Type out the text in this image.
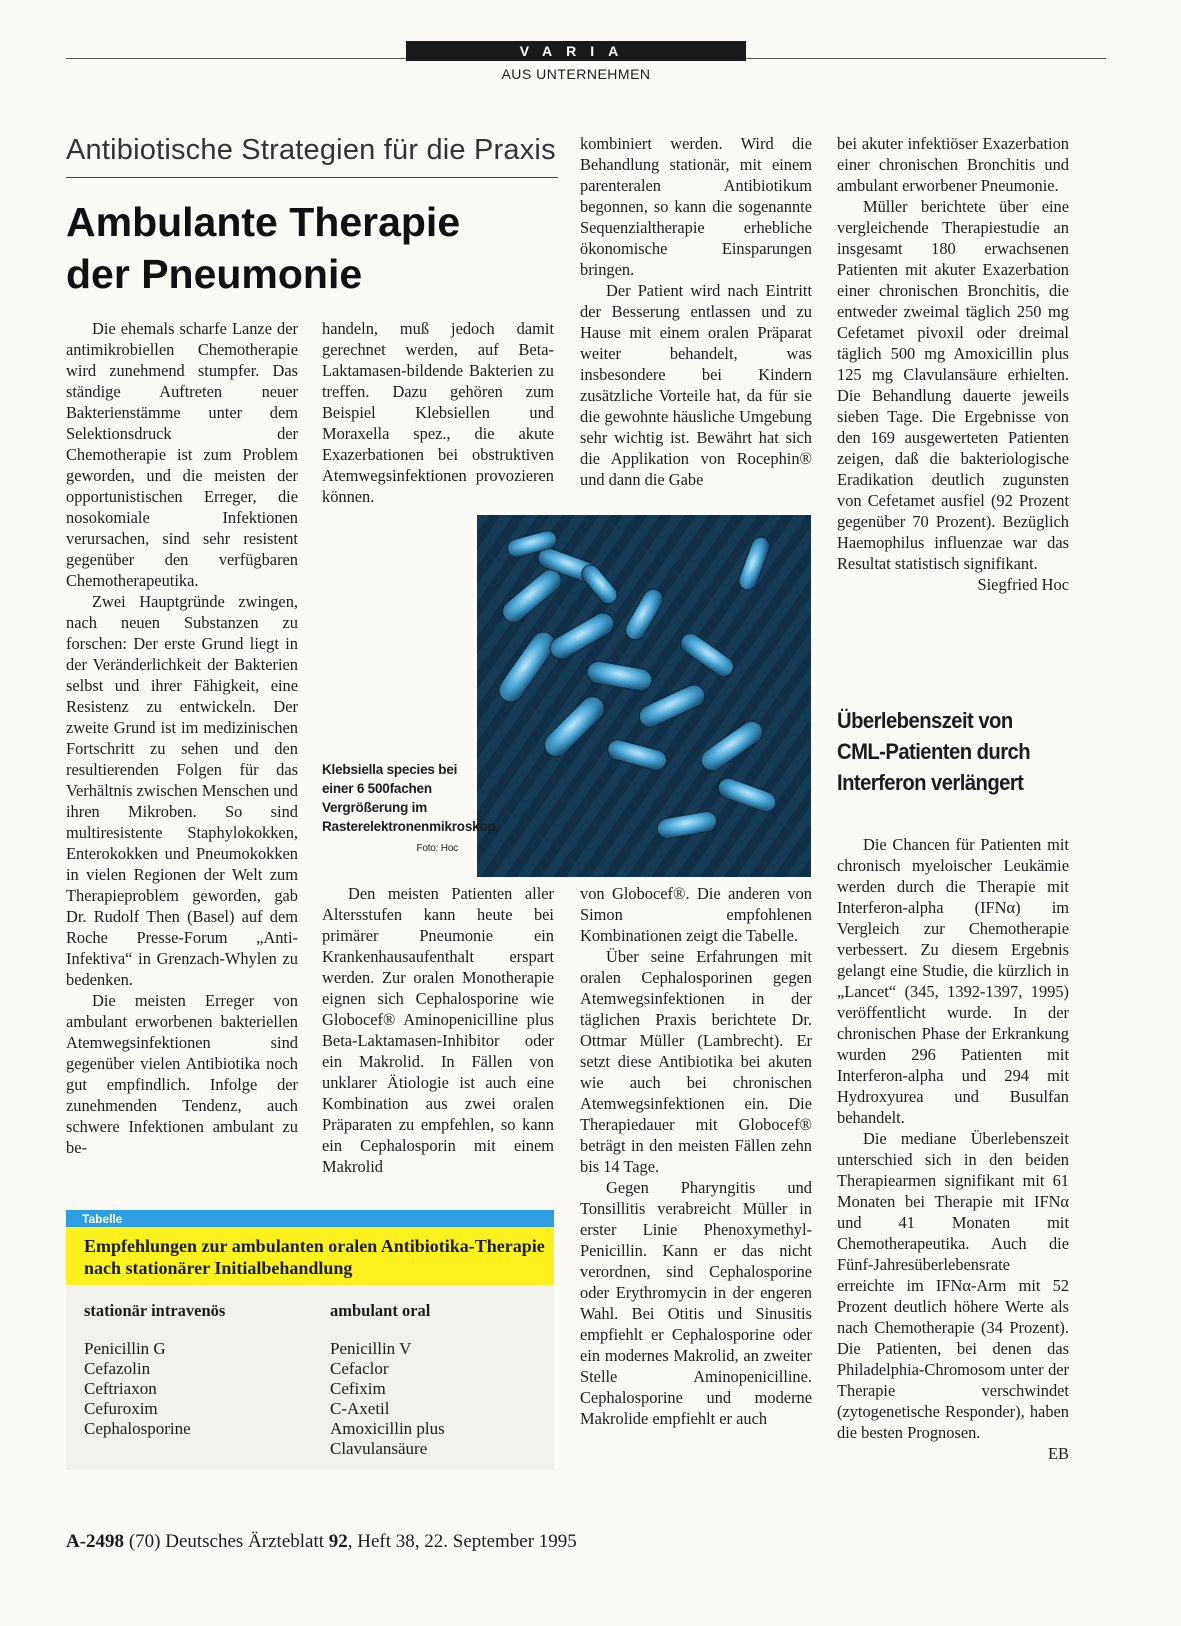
VARIA
AUS UNTERNEHMEN
Antibiotische Strategien für die Praxis
Ambulante Therapie
der Pneumonie

Die ehemals scharfe Lanze der antimikrobiellen Chemotherapie wird zunehmend stumpfer. Das ständige Auftreten neuer Bakterienstämme unter dem Selektionsdruck der Chemotherapie ist zum Problem geworden, und die meisten der opportunistischen Erreger, die nosokomiale Infektionen verursachen, sind sehr resistent gegenüber den verfügbaren Chemotherapeutika.

Zwei Hauptgründe zwingen, nach neuen Substanzen zu forschen: Der erste Grund liegt in der Veränderlichkeit der Bakterien selbst und ihrer Fähigkeit, eine Resistenz zu entwickeln. Der zweite Grund ist im medizinischen Fortschritt zu sehen und den resultierenden Folgen für das Verhältnis zwischen Menschen und ihren Mikroben. So sind multiresistente Staphylokokken, Enterokokken und Pneumokokken in vielen Regionen der Welt zum Therapieproblem geworden, gab Dr. Rudolf Then (Basel) auf dem Roche Presse-Forum „Anti-Infektiva“ in Grenzach-Whylen zu bedenken.

Die meisten Erreger von ambulant erworbenen bakteriellen Atemwegsinfektionen sind gegenüber vielen Antibiotika noch gut empfindlich. Infolge der zunehmenden Tendenz, auch schwere Infektionen ambulant zu be-

handeln, muß jedoch damit gerechnet werden, auf Beta-Laktamasen-bildende Bakterien zu treffen. Dazu gehören zum Beispiel Klebsiellen und Moraxella spez., die akute Exazerbationen bei obstruktiven Atemwegsinfektionen provozieren können.

Klebsiella species bei einer 6 500fachen Vergrößerung im Rasterelektronenmikroskop.
Foto: Hoc

Den meisten Patienten aller Altersstufen kann heute bei primärer Pneumonie ein Krankenhausaufenthalt erspart werden. Zur oralen Monotherapie eignen sich Cephalosporine wie Globocef® Aminopenicilline plus Beta-Laktamasen-Inhibitor oder ein Makrolid. In Fällen von unklarer Ätiologie ist auch eine Kombination aus zwei oralen Präparaten zu empfehlen, so kann ein Cephalosporin mit einem Makrolid

kombiniert werden. Wird die Behandlung stationär, mit einem parenteralen Antibiotikum begonnen, so kann die sogenannte Sequenzialtherapie erhebliche ökonomische Einsparungen bringen.

Der Patient wird nach Eintritt der Besserung entlassen und zu Hause mit einem oralen Präparat weiter behandelt, was insbesondere bei Kindern zusätzliche Vorteile hat, da für sie die gewohnte häusliche Umgebung sehr wichtig ist. Bewährt hat sich die Applikation von Rocephin® und dann die Gabe

von Globocef®. Die anderen von Simon empfohlenen Kombinationen zeigt die Tabelle.

Über seine Erfahrungen mit oralen Cephalosporinen gegen Atemwegsinfektionen in der täglichen Praxis berichtete Dr. Ottmar Müller (Lambrecht). Er setzt diese Antibiotika bei akuten wie auch bei chronischen Atemwegsinfektionen ein. Die Therapiedauer mit Globocef® beträgt in den meisten Fällen zehn bis 14 Tage.

Gegen Pharyngitis und Tonsillitis verabreicht Müller in erster Linie Phenoxymethyl-Penicillin. Kann er das nicht verordnen, sind Cephalosporine oder Erythromycin in der engeren Wahl. Bei Otitis und Sinusitis empfiehlt er Cephalosporine oder ein modernes Makrolid, an zweiter Stelle Aminopenicilline. Cephalosporine und moderne Makrolide empfiehlt er auch

bei akuter infektiöser Exazerbation einer chronischen Bronchitis und ambulant erworbener Pneumonie.

Müller berichtete über eine vergleichende Therapiestudie an insgesamt 180 erwachsenen Patienten mit akuter Exazerbation einer chronischen Bronchitis, die entweder zweimal täglich 250 mg Cefetamet pivoxil oder dreimal täglich 500 mg Amoxicillin plus 125 mg Clavulansäure erhielten. Die Behandlung dauerte jeweils sieben Tage. Die Ergebnisse von den 169 ausgewerteten Patienten zeigen, daß die bakteriologische Eradikation deutlich zugunsten von Cefetamet ausfiel (92 Prozent gegenüber 70 Prozent). Bezüglich Haemophilus influenzae war das Resultat statistisch signifikant.

Siegfried Hoc
Überlebenszeit von CML-Patienten durch Interferon verlängert

Die Chancen für Patienten mit chronisch myeloischer Leukämie werden durch die Therapie mit Interferon-alpha (IFNα) im Vergleich zur Chemotherapie verbessert. Zu diesem Ergebnis gelangt eine Studie, die kürzlich in „Lancet“ (345, 1392-1397, 1995) veröffentlicht wurde. In der chronischen Phase der Erkrankung wurden 296 Patienten mit Interferon-alpha und 294 mit Hydroxyurea und Busulfan behandelt.

Die mediane Überlebenszeit unterschied sich in den beiden Therapiearmen signifikant mit 61 Monaten bei Therapie mit IFNα und 41 Monaten mit Chemotherapeutika. Auch die Fünf-Jahresüberlebensrate erreichte im IFNα-Arm mit 52 Prozent deutlich höhere Werte als nach Chemotherapie (34 Prozent). Die Patienten, bei denen das Philadelphia-Chromosom unter der Therapie verschwindet (zytogenetische Responder), haben die besten Prognosen.

EB
Tabelle
Empfehlungen zur ambulanten oralen Antibiotika-Therapie nach stationärer Initialbehandlung
stationär intravenös	ambulant oral
Penicillin G
Cefazolin
Ceftriaxon
Cefuroxim
Cephalosporine
Penicillin V
Cefaclor
Cefixim
C-Axetil
Amoxicillin plus Clavulansäure
A-2498 (70) Deutsches Ärzteblatt 92, Heft 38, 22. September 1995
